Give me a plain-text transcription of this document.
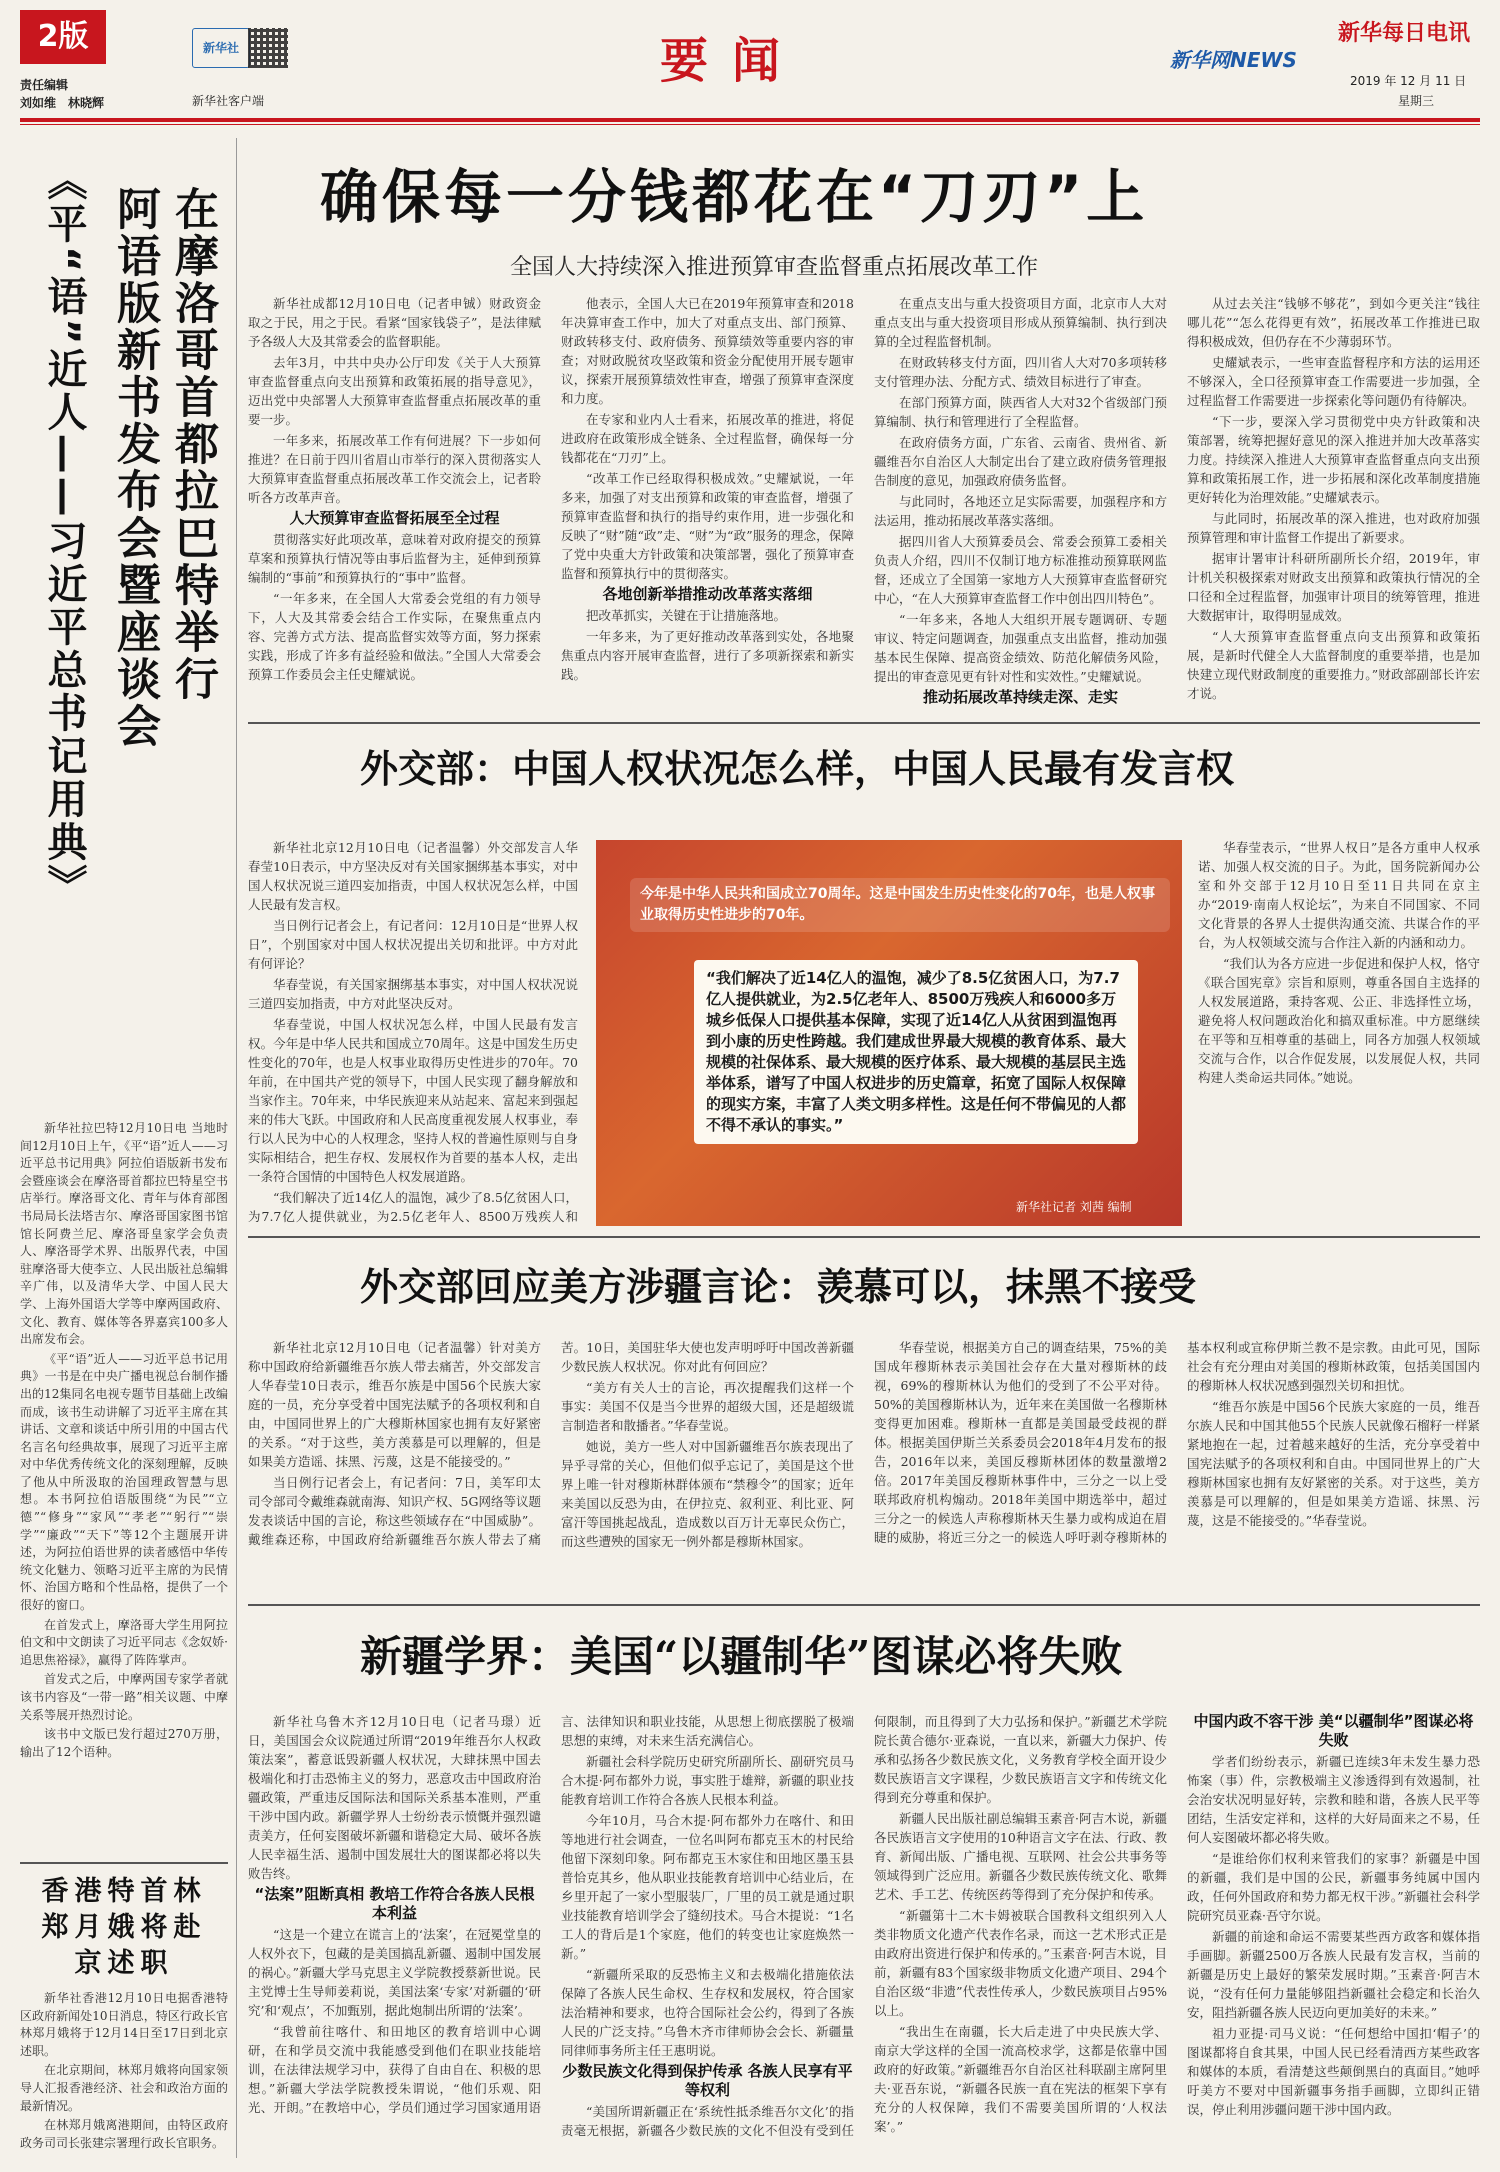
2版
责任编辑
刘如维　林晓辉
新华社
新华社客户端
要闻	新华网NEWS
新华每日电讯
2019 年 12 月 11 日
星期三
在摩洛哥首都拉巴特举行
阿语版新书发布会暨座谈会
《平“语”近人——习近平总书记用典》

新华社拉巴特12月10日电 当地时间12月10日上午，《平“语”近人——习近平总书记用典》阿拉伯语版新书发布会暨座谈会在摩洛哥首都拉巴特星空书店举行。摩洛哥文化、青年与体育部图书局局长法塔吉尔、摩洛哥国家图书馆馆长阿费兰尼、摩洛哥皇家学会负责人、摩洛哥学术界、出版界代表，中国驻摩洛哥大使李立、人民出版社总编辑辛广伟，以及清华大学、中国人民大学、上海外国语大学等中摩两国政府、文化、教育、媒体等各界嘉宾100多人出席发布会。

《平“语”近人——习近平总书记用典》一书是在中央广播电视总台制作播出的12集同名电视专题节目基础上改编而成，该书生动讲解了习近平主席在其讲话、文章和谈话中所引用的中国古代名言名句经典故事，展现了习近平主席对中华优秀传统文化的深刻理解，反映了他从中所汲取的治国理政智慧与思想。本书阿拉伯语版围绕“为民”“立德”“修身”“家风”“孝老”“躬行”“崇学”“廉政”“天下”等12个主题展开讲述，为阿拉伯语世界的读者感悟中华传统文化魅力、领略习近平主席的为民情怀、治国方略和个性品格，提供了一个很好的窗口。

在首发式上，摩洛哥大学生用阿拉伯文和中文朗读了习近平同志《念奴娇·追思焦裕禄》，赢得了阵阵掌声。

首发式之后，中摩两国专家学者就该书内容及“一带一路”相关议题、中摩关系等展开热烈讨论。

该书中文版已发行超过270万册，输出了12个语种。

香港特首林郑月娥将赴京述职

新华社香港12月10日电据香港特区政府新闻处10日消息，特区行政长官林郑月娥将于12月14日至17日到北京述职。

在北京期间，林郑月娥将向国家领导人汇报香港经济、社会和政治方面的最新情况。

在林郑月娥离港期间，由特区政府政务司司长张建宗署理行政长官职务。

确保每一分钱都花在“刀刃”上
全国人大持续深入推进预算审查监督重点拓展改革工作

新华社成都12月10日电（记者申铖）财政资金取之于民，用之于民。看紧“国家钱袋子”，是法律赋予各级人大及其常委会的监督职能。

去年3月，中共中央办公厅印发《关于人大预算审查监督重点向支出预算和政策拓展的指导意见》，迈出党中央部署人大预算审查监督重点拓展改革的重要一步。

一年多来，拓展改革工作有何进展？下一步如何推进？在日前于四川省眉山市举行的深入贯彻落实人大预算审查监督重点拓展改革工作交流会上，记者聆听各方改革声音。

人大预算审查监督拓展至全过程

贯彻落实好此项改革，意味着对政府提交的预算草案和预算执行情况等由事后监督为主，延伸到预算编制的“事前”和预算执行的“事中”监督。

“一年多来，在全国人大常委会党组的有力领导下，人大及其常委会结合工作实际，在聚焦重点内容、完善方式方法、提高监督实效等方面，努力探索实践，形成了许多有益经验和做法。”全国人大常委会预算工作委员会主任史耀斌说。

他表示，全国人大已在2019年预算审查和2018年决算审查工作中，加大了对重点支出、部门预算、财政转移支付、政府债务、预算绩效等重要内容的审查；对财政脱贫攻坚政策和资金分配使用开展专题审议，探索开展预算绩效性审查，增强了预算审查深度和力度。

在专家和业内人士看来，拓展改革的推进，将促进政府在政策形成全链条、全过程监督，确保每一分钱都花在“刀刃”上。

“改革工作已经取得积极成效。”史耀斌说，一年多来，加强了对支出预算和政策的审查监督，增强了预算审查监督和执行的指导约束作用，进一步强化和反映了“财”随“政”走、“财”为“政”服务的理念，保障了党中央重大方针政策和决策部署，强化了预算审查监督和预算执行中的贯彻落实。

各地创新举措推动改革落实落细

把改革抓实，关键在于让措施落地。

一年多来，为了更好推动改革落到实处，各地聚焦重点内容开展审查监督，进行了多项新探索和新实践。

在重点支出与重大投资项目方面，北京市人大对重点支出与重大投资项目形成从预算编制、执行到决算的全过程监督机制。

在财政转移支付方面，四川省人大对70多项转移支付管理办法、分配方式、绩效目标进行了审查。

在部门预算方面，陕西省人大对32个省级部门预算编制、执行和管理进行了全程监督。

在政府债务方面，广东省、云南省、贵州省、新疆维吾尔自治区人大制定出台了建立政府债务管理报告制度的意见，加强政府债务监督。

与此同时，各地还立足实际需要，加强程序和方法运用，推动拓展改革落实落细。

据四川省人大预算委员会、常委会预算工委相关负责人介绍，四川不仅制订地方标准推动预算联网监督，还成立了全国第一家地方人大预算审查监督研究中心，“在人大预算审查监督工作中创出四川特色”。

“一年多来，各地人大组织开展专题调研、专题审议、特定问题调查，加强重点支出监督，推动加强基本民生保障、提高资金绩效、防范化解债务风险，提出的审查意见更有针对性和实效性。”史耀斌说。

推动拓展改革持续走深、走实

从过去关注“钱够不够花”，到如今更关注“钱往哪儿花”“怎么花得更有效”，拓展改革工作推进已取得积极成效，但仍存在不少薄弱环节。

史耀斌表示，一些审查监督程序和方法的运用还不够深入，全口径预算审查工作需要进一步加强，全过程监督工作需要进一步探索化等问题仍有待解决。

“下一步，要深入学习贯彻党中央方针政策和决策部署，统筹把握好意见的深入推进并加大改革落实力度。持续深入推进人大预算审查监督重点向支出预算和政策拓展工作，进一步拓展和深化改革制度措施更好转化为治理效能。”史耀斌表示。

与此同时，拓展改革的深入推进，也对政府加强预算管理和审计监督工作提出了新要求。

据审计署审计科研所副所长介绍，2019年，审计机关积极探索对财政支出预算和政策执行情况的全口径和全过程监督，加强审计项目的统筹管理，推进大数据审计，取得明显成效。

“人大预算审查监督重点向支出预算和政策拓展，是新时代健全人大监督制度的重要举措，也是加快建立现代财政制度的重要推力。”财政部副部长许宏才说。

外交部：中国人权状况怎么样，中国人民最有发言权

新华社北京12月10日电（记者温馨）外交部发言人华春莹10日表示，中方坚决反对有关国家捆绑基本事实，对中国人权状况说三道四妄加指责，中国人权状况怎么样，中国人民最有发言权。

当日例行记者会上，有记者问：12月10日是“世界人权日”，个别国家对中国人权状况提出关切和批评。中方对此有何评论？

华春莹说，有关国家捆绑基本事实，对中国人权状况说三道四妄加指责，中方对此坚决反对。

华春莹说，中国人权状况怎么样，中国人民最有发言权。今年是中华人民共和国成立70周年。这是中国发生历史性变化的70年，也是人权事业取得历史性进步的70年。70年前，在中国共产党的领导下，中国人民实现了翻身解放和当家作主。70年来，中华民族迎来从站起来、富起来到强起来的伟大飞跃。中国政府和人民高度重视发展人权事业，奉行以人民为中心的人权理念，坚持人权的普遍性原则与自身实际相结合，把生存权、发展权作为首要的基本人权，走出一条符合国情的中国特色人权发展道路。

“我们解决了近14亿人的温饱，减少了8.5亿贫困人口，为7.7亿人提供就业，为2.5亿老年人、8500万残疾人和

今年是中华人民共和国成立70周年。这是中国发生历史性变化的70年，也是人权事业取得历史性进步的70年。
“我们解决了近14亿人的温饱，减少了8.5亿贫困人口，为7.7亿人提供就业，为2.5亿老年人、8500万残疾人和6000多万城乡低保人口提供基本保障，实现了近14亿人从贫困到温饱再到小康的历史性跨越。我们建成世界最大规模的教育体系、最大规模的社保体系、最大规模的医疗体系、最大规模的基层民主选举体系，谱写了中国人权进步的历史篇章，拓宽了国际人权保障的现实方案，丰富了人类文明多样性。这是任何不带偏见的人都不得不承认的事实。”
新华社记者 刘茜 编制

华春莹表示，“世界人权日”是各方重申人权承诺、加强人权交流的日子。为此，国务院新闻办公室和外交部于12月10日至11日共同在京主办“2019·南南人权论坛”，为来自不同国家、不同文化背景的各界人士提供沟通交流、共谋合作的平台，为人权领域交流与合作注入新的内涵和动力。

“我们认为各方应进一步促进和保护人权，恪守《联合国宪章》宗旨和原则，尊重各国自主选择的人权发展道路，秉持客观、公正、非选择性立场，避免将人权问题政治化和搞双重标准。中方愿继续在平等和互相尊重的基础上，同各方加强人权领域交流与合作，以合作促发展，以发展促人权，共同构建人类命运共同体。”她说。

外交部回应美方涉疆言论：羡慕可以，抹黑不接受

新华社北京12月10日电（记者温馨）针对美方称中国政府给新疆维吾尔族人带去痛苦，外交部发言人华春莹10日表示，维吾尔族是中国56个民族大家庭的一员，充分享受着中国宪法赋予的各项权利和自由，中国同世界上的广大穆斯林国家也拥有友好紧密的关系。“对于这些，美方羡慕是可以理解的，但是如果美方造谣、抹黑、污蔑，这是不能接受的。”

当日例行记者会上，有记者问：7日，美军印太司令部司令戴维森就南海、知识产权、5G网络等议题发表谈话中国的言论，称这些领域存在“中国威胁”。戴维森还称，中国政府给新疆维吾尔族人带去了痛苦。10日，美国驻华大使也发声明呼吁中国改善新疆少数民族人权状况。你对此有何回应？

“美方有关人士的言论，再次提醒我们这样一个事实：美国不仅是当今世界的超级大国，还是超级谎言制造者和散播者。”华春莹说。

她说，美方一些人对中国新疆维吾尔族表现出了异乎寻常的关心，但他们似乎忘记了，美国是这个世界上唯一针对穆斯林群体颁布“禁穆令”的国家；近年来美国以反恐为由，在伊拉克、叙利亚、利比亚、阿富汗等国挑起战乱，造成数以百万计无辜民众伤亡，而这些遭殃的国家无一例外都是穆斯林国家。

华春莹说，根据美方自己的调查结果，75%的美国成年穆斯林表示美国社会存在大量对穆斯林的歧视，69%的穆斯林认为他们的受到了不公平对待。50%的美国穆斯林认为，近年来在美国做一名穆斯林变得更加困难。穆斯林一直都是美国最受歧视的群体。根据美国伊斯兰关系委员会2018年4月发布的报告，2016年以来，美国反穆斯林团体的数量激增2倍。2017年美国反穆斯林事件中，三分之一以上受联邦政府机构煽动。2018年美国中期选举中，超过三分之一的候选人声称穆斯林天生暴力或构成迫在眉睫的威胁，将近三分之一的候选人呼吁剥夺穆斯林的基本权利或宣称伊斯兰教不是宗教。由此可见，国际社会有充分理由对美国的穆斯林政策，包括美国国内的穆斯林人权状况感到强烈关切和担忧。

“维吾尔族是中国56个民族大家庭的一员，维吾尔族人民和中国其他55个民族人民就像石榴籽一样紧紧地抱在一起，过着越来越好的生活，充分享受着中国宪法赋予的各项权利和自由。中国同世界上的广大穆斯林国家也拥有友好紧密的关系。对于这些，美方羡慕是可以理解的，但是如果美方造谣、抹黑、污蔑，这是不能接受的。”华春莹说。

新疆学界：美国“以疆制华”图谋必将失败

新华社乌鲁木齐12月10日电（记者马璟）近日，美国国会众议院通过所谓“2019年维吾尔人权政策法案”，蓄意诋毁新疆人权状况，大肆抹黑中国去极端化和打击恐怖主义的努力，恶意攻击中国政府治疆政策，严重违反国际法和国际关系基本准则，严重干涉中国内政。新疆学界人士纷纷表示愤慨并强烈谴责美方，任何妄图破坏新疆和谐稳定大局、破坏各族人民幸福生活、遏制中国发展壮大的图谋都必将以失败告终。

“法案”阻断真相 教培工作符合各族人民根本利益

“这是一个建立在谎言上的‘法案’，在冠冕堂皇的人权外衣下，包藏的是美国搞乱新疆、遏制中国发展的祸心。”新疆大学马克思主义学院教授蔡新世说。民主党博士生导师姜莉说，美国法案‘专家’对新疆的‘研究’和‘观点’，不加甄别，据此炮制出所谓的‘法案’。

“我曾前往喀什、和田地区的教育培训中心调研，在和学员交流中我能感受到他们在职业技能培训，在法律法规学习中，获得了自由自在、积极的思想。”新疆大学法学院教授朱谓说，“他们乐观、阳光、开朗。”在教培中心，学员们通过学习国家通用语言、法律知识和职业技能，从思想上彻底摆脱了极端思想的束缚，对未来生活充满信心。

新疆社会科学院历史研究所副所长、副研究员马合木提·阿布都外力说，事实胜于雄辩，新疆的职业技能教育培训工作符合各族人民根本利益。

今年10月，马合木提·阿布都外力在喀什、和田等地进行社会调查，一位名叫阿布都克玉木的村民给他留下深刻印象。阿布都克玉木家住和田地区墨玉县普恰克其乡，他从职业技能教育培训中心结业后，在乡里开起了一家小型服装厂，厂里的员工就是通过职业技能教育培训学会了缝纫技术。马合木提说：“1名工人的背后是1个家庭，他们的转变也让家庭焕然一新。”

“新疆所采取的反恐怖主义和去极端化措施依法保障了各族人民生命权、生存权和发展权，符合国家法治精神和要求，也符合国际社会公约，得到了各族人民的广泛支持。”乌鲁木齐市律师协会会长、新疆量同律师事务所主任王惠明说。

少数民族文化得到保护传承 各族人民享有平等权利

“美国所谓新疆正在‘系统性抵杀维吾尔文化’的指责毫无根据，新疆各少数民族的文化不但没有受到任何限制，而且得到了大力弘扬和保护。”新疆艺术学院院长黄合德尔·亚森说，一直以来，新疆大力保护、传承和弘扬各少数民族文化，义务教育学校全面开设少数民族语言文字课程，少数民族语言文字和传统文化得到充分尊重和保护。

新疆人民出版社副总编辑玉素音·阿吉木说，新疆各民族语言文字使用的10种语言文字在法、行政、教育、新闻出版、广播电视、互联网、社会公共事务等领域得到广泛应用。新疆各少数民族传统文化、歌舞艺术、手工艺、传统医药等得到了充分保护和传承。

“新疆第十二木卡姆被联合国教科文组织列入人类非物质文化遗产代表作名录，而这一艺术形式正是由政府出资进行保护和传承的。”玉素音·阿吉木说，目前，新疆有83个国家级非物质文化遗产项目、294个自治区级“非遗”代表性传承人，少数民族项目占95%以上。

“我出生在南疆，长大后走进了中央民族大学、南京大学这样的全国一流高校求学，这都是依靠中国政府的好政策。”新疆维吾尔自治区社科联副主席阿里夫·亚吾东说，“新疆各民族一直在宪法的框架下享有充分的人权保障，我们不需要美国所谓的‘人权法案’。”

中国内政不容干涉 美“以疆制华”图谋必将失败

学者们纷纷表示，新疆已连续3年未发生暴力恐怖案（事）件，宗教极端主义渗透得到有效遏制，社会治安状况明显好转，宗教和睦和谐，各族人民平等团结，生活安定祥和，这样的大好局面来之不易，任何人妄图破坏都必将失败。

“是谁给你们权利来管我们的家事？新疆是中国的新疆，我们是中国的公民，新疆事务纯属中国内政，任何外国政府和势力都无权干涉。”新疆社会科学院研究员亚森·吾守尔说。

新疆的前途和命运不需要某些西方政客和媒体指手画脚。新疆2500万各族人民最有发言权，当前的新疆是历史上最好的繁荣发展时期。”玉素音·阿吉木说，“没有任何力量能够阻挡新疆社会稳定和长治久安，阻挡新疆各族人民迈向更加美好的未来。”

祖力亚提·司马义说：“任何想给中国扣‘帽子’的图谋都将自食其果，中国人民已经看清西方某些政客和媒体的本质，看清楚这些颠倒黑白的真面目。”她呼吁美方不要对中国新疆事务指手画脚，立即纠正错误，停止利用涉疆问题干涉中国内政。
